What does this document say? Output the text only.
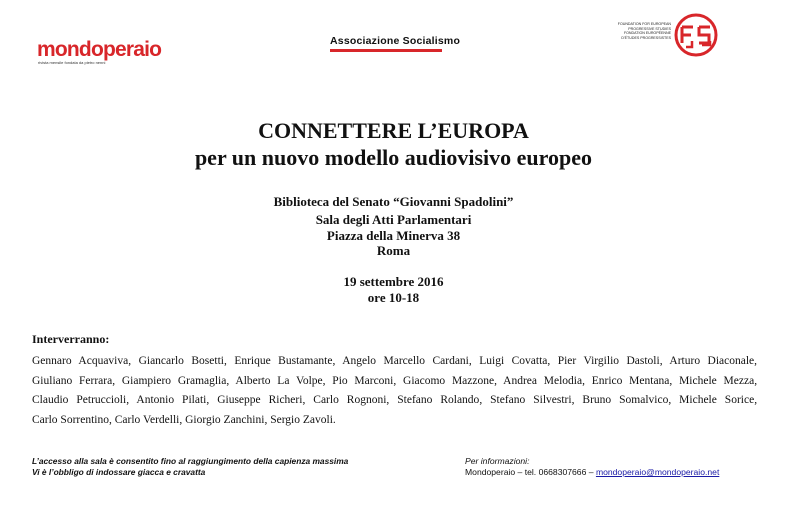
mondoperaio
rivista mensile fondata da pietro nenni
Associazione Socialismo
FOUNDATION FOR EUROPEAN
PROGRESSIVE STUDIES
FONDATION EUROPÉENNE
D'ÉTUDES PROGRESSISTES
CONNETTERE L’EUROPA
per un nuovo modello audiovisivo europeo
Biblioteca del Senato “Giovanni Spadolini”
Sala degli Atti Parlamentari
Piazza della Minerva 38
Roma
19 settembre 2016
ore 10-18
Interverranno:
Gennaro Acquaviva, Giancarlo Bosetti, Enrique Bustamante, Angelo Marcello Cardani, Luigi Covatta, Pier Virgilio Dastoli, Arturo Diaconale, Giuliano Ferrara, Giampiero Gramaglia, Alberto La Volpe, Pio Marconi, Giacomo Mazzone, Andrea Melodia, Enrico Mentana, Michele Mezza, Claudio Petruccioli, Antonio Pilati, Giuseppe Richeri, Carlo Rognoni, Stefano Rolando, Stefano Silvestri, Bruno Somalvico, Michele Sorice, Carlo Sorrentino, Carlo Verdelli, Giorgio Zanchini, Sergio Zavoli.
L’accesso alla sala è consentito fino al raggiungimento della capienza massima
Vi è l’obbligo di indossare giacca e cravatta
Per informazioni:
Mondoperaio – tel. 0668307666 – mondoperaio@mondoperaio.net
